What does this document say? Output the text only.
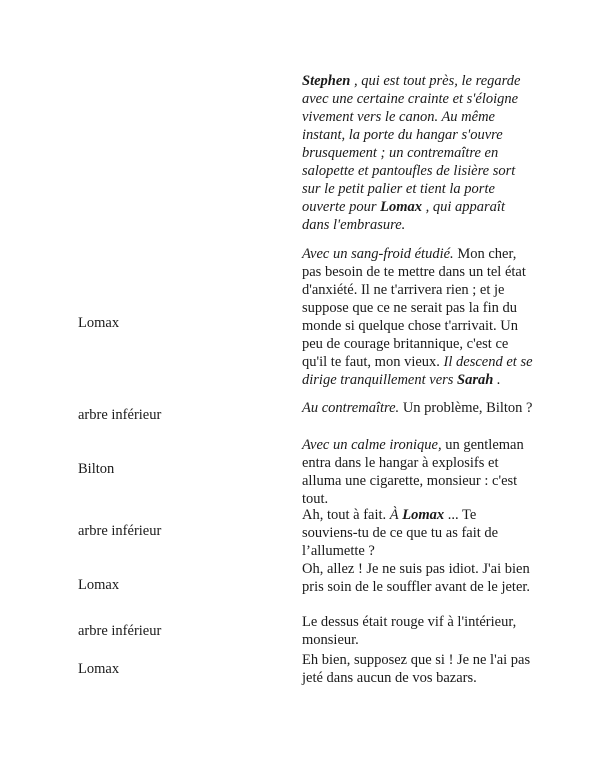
Stephen , qui est tout près, le regarde avec une certaine crainte et s'éloigne vivement vers le canon. Au même instant, la porte du hangar s'ouvre brusquement ; un contremaître en salopette et pantoufles de lisière sort sur le petit palier et tient la porte ouverte pour Lomax , qui apparaît dans l'embrasure.
Lomax
Avec un sang-froid étudié. Mon cher, pas besoin de te mettre dans un tel état d'anxiété. Il ne t'arrivera rien ; et je suppose que ce ne serait pas la fin du monde si quelque chose t'arrivait. Un peu de courage britannique, c'est ce qu'il te faut, mon vieux. Il descend et se dirige tranquillement vers Sarah .
arbre inférieur	Au contremaître. Un problème, Bilton ?
Bilton
Avec un calme ironique, un gentleman entra dans le hangar à explosifs et alluma une cigarette, monsieur : c'est tout.
arbre inférieur
Ah, tout à fait. À Lomax ... Te souviens-tu de ce que tu as fait de l’allumette ?
Lomax
Oh, allez ! Je ne suis pas idiot. J'ai bien pris soin de le souffler avant de le jeter.
arbre inférieur
Le dessus était rouge vif à l'intérieur, monsieur.
Lomax
Eh bien, supposez que si ! Je ne l'ai pas jeté dans aucun de vos bazars.
